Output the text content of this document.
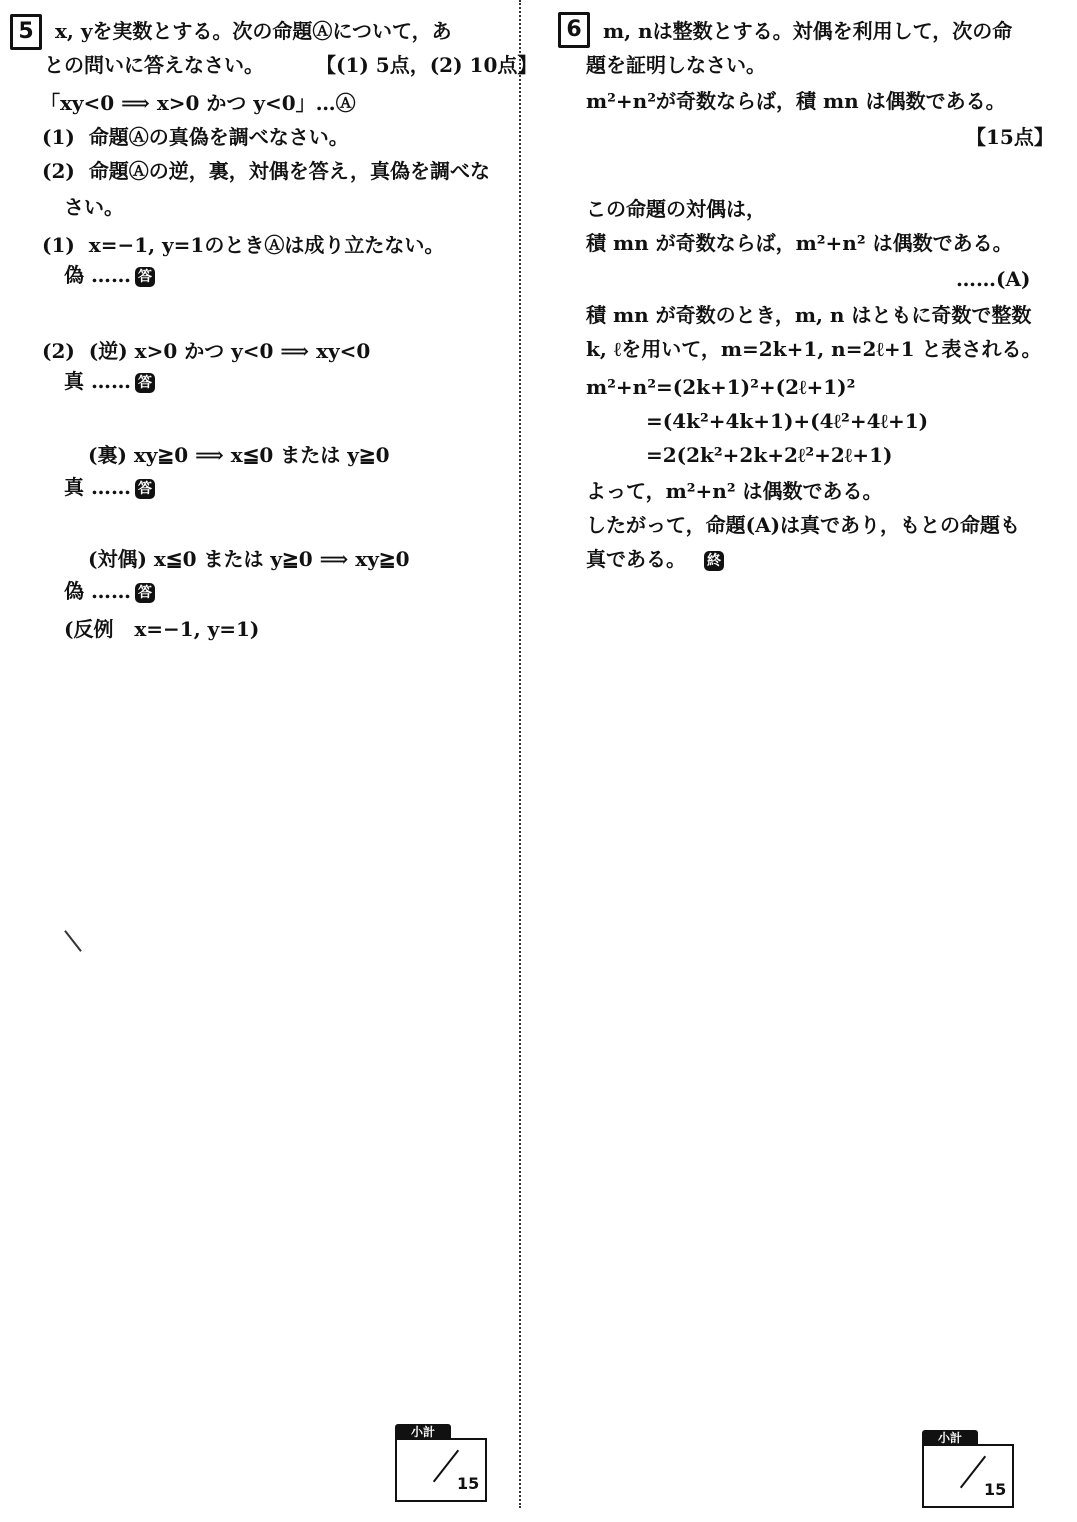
5 x, yを実数とする。次の命題Ⓐについて，あ
との問いに答えなさい。	【(1) 5点，(2) 10点】
「xy<0 ⟹ x>0 かつ y<0」…Ⓐ
(1)  命題Ⓐの真偽を調べなさい。
(2)  命題Ⓐの逆，裏，対偶を答え，真偽を調べな
さい。
(1)  x=−1, y=1のときⒶは成り立たない。
偽 …… 答
(2)  (逆) x>0 かつ y<0 ⟹ xy<0
真 …… 答
(裏) xy≧0 ⟹ x≦0 または y≧0
真 …… 答
(対偶) x≦0 または y≧0 ⟹ xy≧0
偽 …… 答
(反例   x=−1, y=1)
小計
15
6 m, nは整数とする。対偶を利用して，次の命
題を証明しなさい。
m²+n²が奇数ならば，積 mn は偶数である。
【15点】
この命題の対偶は，
積 mn が奇数ならば，m²+n² は偶数である。
……(A)
積 mn が奇数のとき，m, n はともに奇数で整数
k, ℓを用いて，m=2k+1, n=2ℓ+1 と表される。
m²+n²=(2k+1)²+(2ℓ+1)²
=(4k²+4k+1)+(4ℓ²+4ℓ+1)
=2(2k²+2k+2ℓ²+2ℓ+1)
よって，m²+n² は偶数である。
したがって，命題(A)は真であり，もとの命題も
真である。 終
小計
15
